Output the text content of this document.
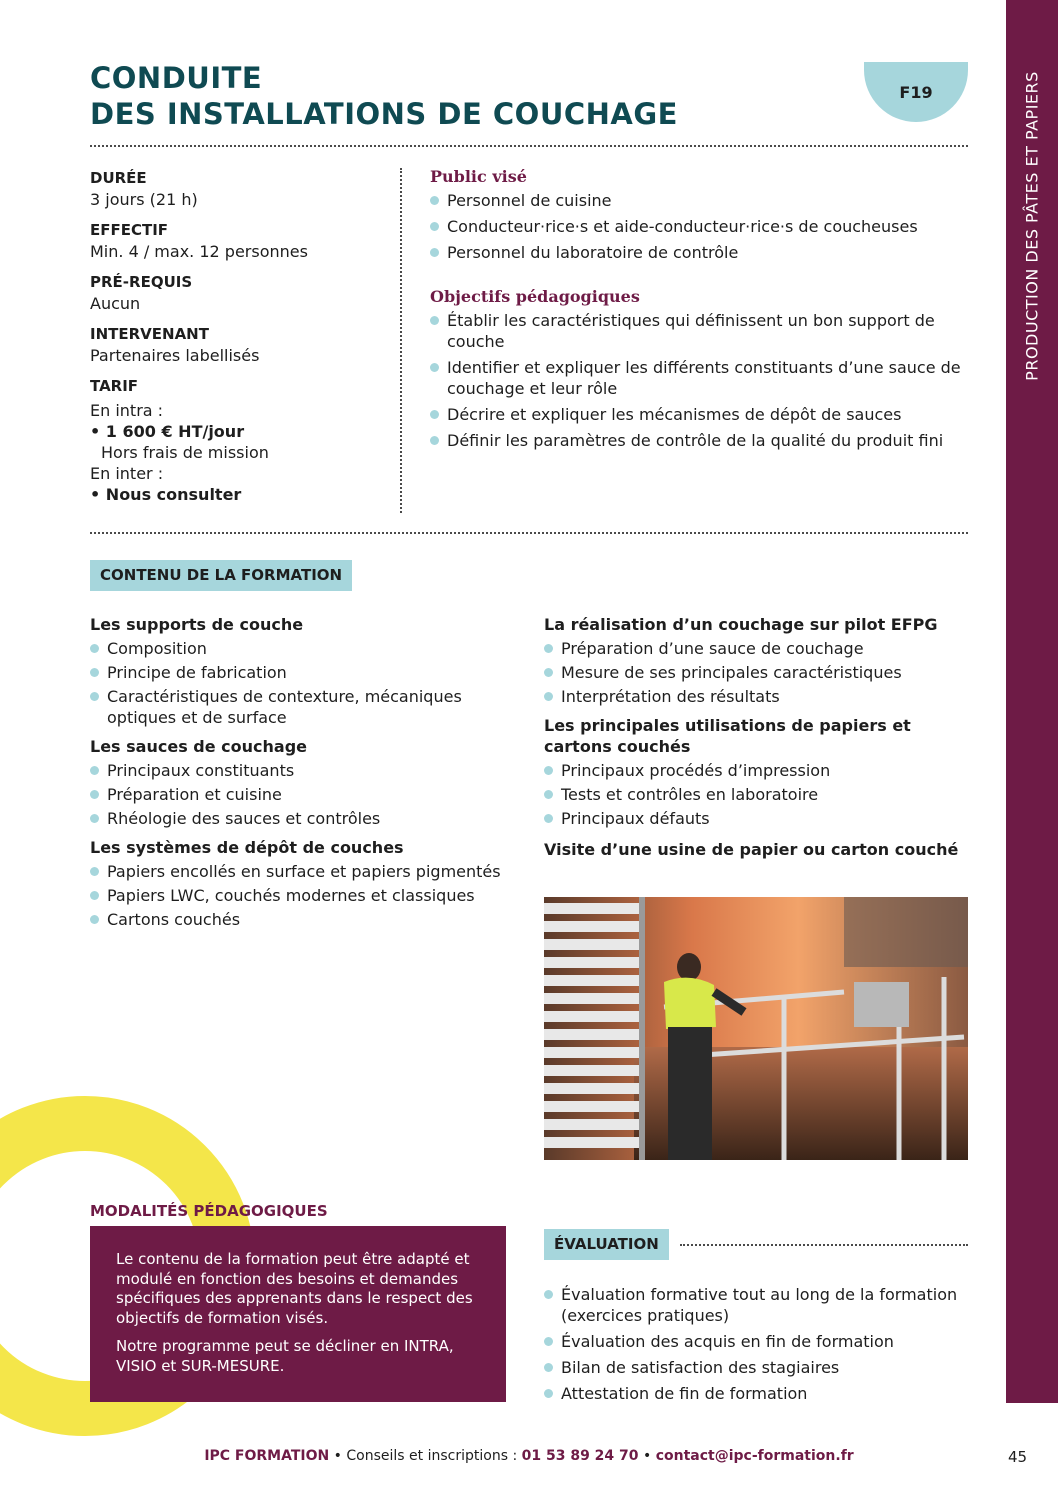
PRODUCTION DES PÂTES ET PAPIERS
CONDUITE
DES INSTALLATIONS DE COUCHAGE
F19

DURÉE

3 jours (21 h)

EFFECTIF

Min. 4 / max. 12 personnes

PRÉ-REQUIS

Aucun

INTERVENANT

Partenaires labellisés

TARIF

En intra :

• 1 600 € HT/jour

Hors frais de mission

En inter :

• Nous consulter

Public visé
Personnel de cuisine
Conducteur·rice·s et aide-conducteur·rice·s de coucheuses
Personnel du laboratoire de contrôle
Objectifs pédagogiques
Établir les caractéristiques qui définissent un bon support de couche
Identifier et expliquer les différents constituants d’une sauce de couchage et leur rôle
Décrire et expliquer les mécanismes de dépôt de sauces
Définir les paramètres de contrôle de la qualité du produit fini
CONTENU DE LA FORMATION
Les supports de couche
Composition
Principe de fabrication
Caractéristiques de contexture, mécaniques optiques et de surface
Les sauces de couchage
Principaux constituants
Préparation et cuisine
Rhéologie des sauces et contrôles
Les systèmes de dépôt de couches
Papiers encollés en surface et papiers pigmentés
Papiers LWC, couchés modernes et classiques
Cartons couchés
La réalisation d’un couchage sur pilot EFPG
Préparation d’une sauce de couchage
Mesure de ses principales caractéristiques
Interprétation des résultats
Les principales utilisations de papiers et cartons couchés
Principaux procédés d’impression
Tests et contrôles en laboratoire
Principaux défauts
Visite d’une usine de papier ou carton couché
MODALITÉS PÉDAGOGIQUES

Le contenu de la formation peut être adapté et modulé en fonction des besoins et demandes spécifiques des apprenants dans le respect des objectifs de formation visés.

Notre programme peut se décliner en INTRA, VISIO et SUR-MESURE.

ÉVALUATION
Évaluation formative tout au long de la formation (exercices pratiques)
Évaluation des acquis en fin de formation
Bilan de satisfaction des stagiaires
Attestation de fin de formation
IPC FORMATION • Conseils et inscriptions : 01 53 89 24 70 • contact@ipc-formation.fr	45
